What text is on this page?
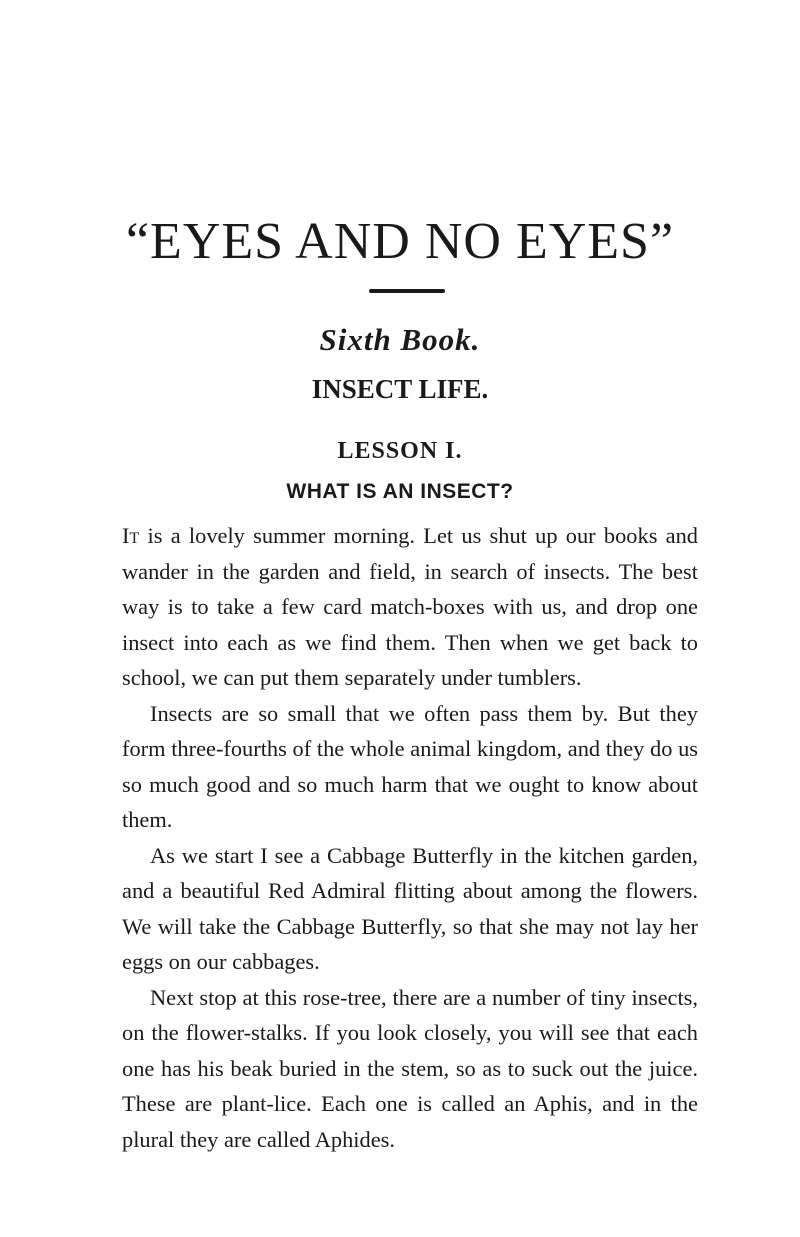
“EYES AND NO EYES”
Sixth Book.
INSECT LIFE.
LESSON I.
WHAT IS AN INSECT?

It is a lovely summer morning. Let us shut up our books and wander in the garden and field, in search of insects. The best way is to take a few card match-boxes with us, and drop one insect into each as we find them. Then when we get back to school, we can put them separately under tumblers.

Insects are so small that we often pass them by. But they form three-fourths of the whole animal kingdom, and they do us so much good and so much harm that we ought to know about them.

As we start I see a Cabbage Butterfly in the kitchen garden, and a beautiful Red Admiral flitting about among the flowers. We will take the Cabbage Butterfly, so that she may not lay her eggs on our cabbages.

Next stop at this rose-tree, there are a number of tiny insects, on the flower-stalks. If you look closely, you will see that each one has his beak buried in the stem, so as to suck out the juice. These are plant-lice. Each one is called an Aphis, and in the plural they are called Aphides.
